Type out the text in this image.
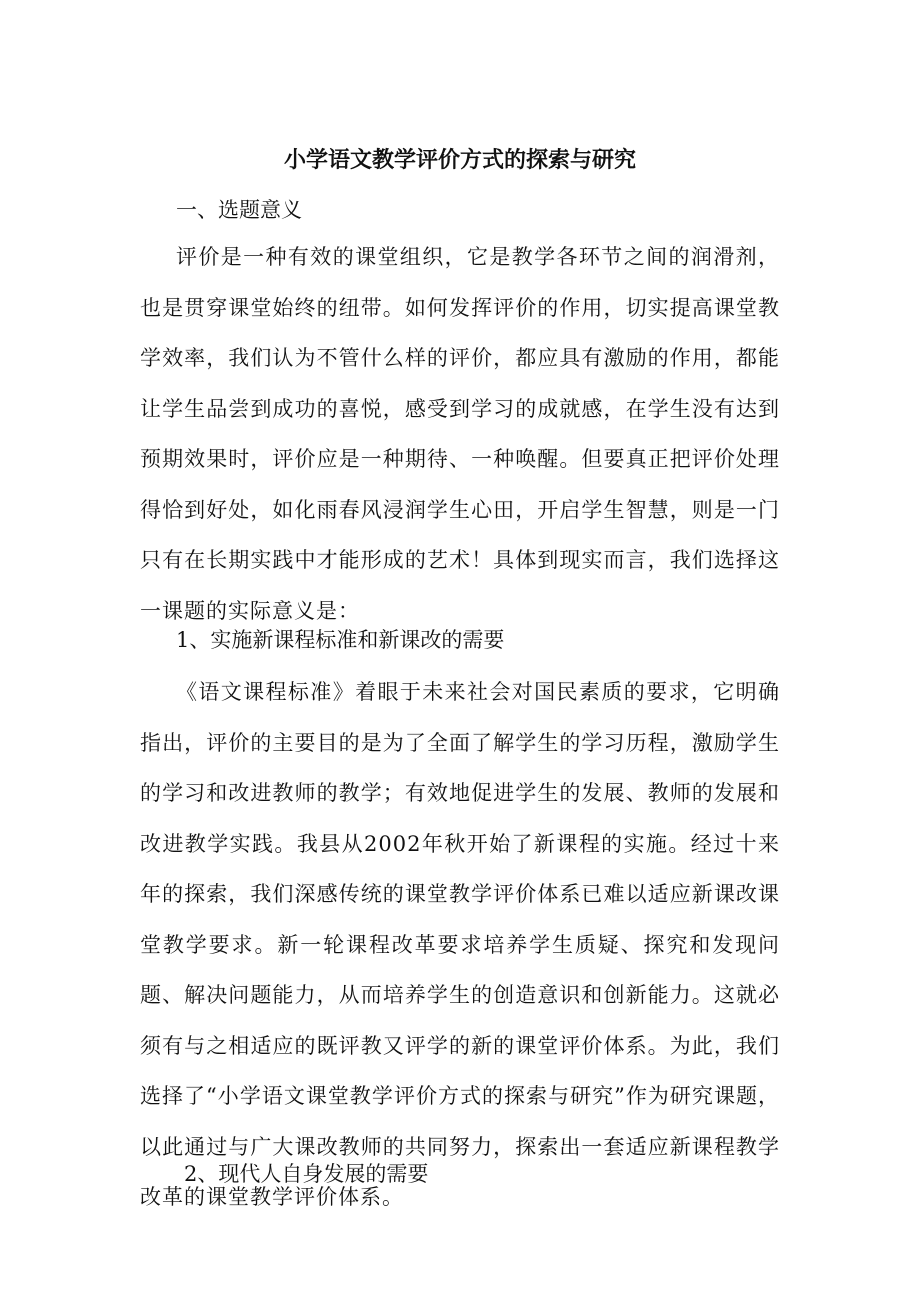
小学语文教学评价方式的探索与研究
一、选题意义
评价是一种有效的课堂组织，它是教学各环节之间的润滑剂，也是贯穿课堂始终的纽带。如何发挥评价的作用，切实提高课堂教学效率，我们认为不管什么样的评价，都应具有激励的作用，都能让学生品尝到成功的喜悦，感受到学习的成就感，在学生没有达到预期效果时，评价应是一种期待、一种唤醒。但要真正把评价处理得恰到好处，如化雨春风浸润学生心田，开启学生智慧，则是一门只有在长期实践中才能形成的艺术！具体到现实而言，我们选择这一课题的实际意义是：
1、实施新课程标准和新课改的需要
《语文课程标准》着眼于未来社会对国民素质的要求，它明确指出，评价的主要目的是为了全面了解学生的学习历程，激励学生的学习和改进教师的教学；有效地促进学生的发展、教师的发展和改进教学实践。我县从2002年秋开始了新课程的实施。经过十来年的探索，我们深感传统的课堂教学评价体系已难以适应新课改课堂教学要求。新一轮课程改革要求培养学生质疑、探究和发现问题、解决问题能力，从而培养学生的创造意识和创新能力。这就必须有与之相适应的既评教又评学的新的课堂评价体系。为此，我们选择了“小学语文课堂教学评价方式的探索与研究”作为研究课题，以此通过与广大课改教师的共同努力，探索出一套适应新课程教学改革的课堂教学评价体系。
2、现代人自身发展的需要
